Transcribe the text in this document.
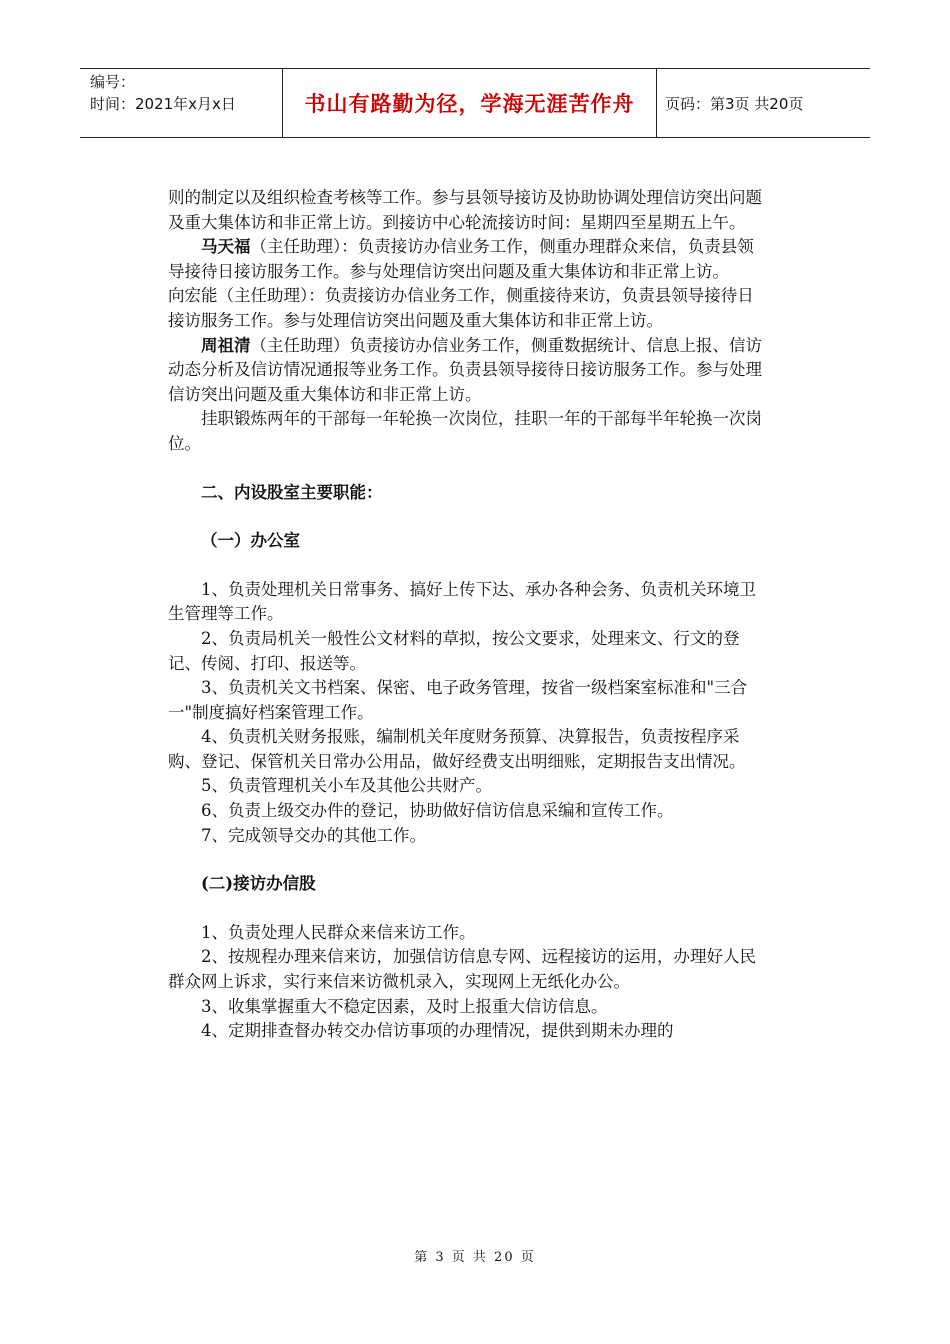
编号：
时间：2021年x月x日	书山有路勤为径，学海无涯苦作舟	页码：第3页 共20页

则的制定以及组织检查考核等工作。参与县领导接访及协助协调处理信访突出问题及重大集体访和非正常上访。到接访中心轮流接访时间：星期四至星期五上午。

马天福（主任助理）：负责接访办信业务工作，侧重办理群众来信，负责县领导接待日接访服务工作。参与处理信访突出问题及重大集体访和非正常上访。

向宏能（主任助理）：负责接访办信业务工作，侧重接待来访，负责县领导接待日接访服务工作。参与处理信访突出问题及重大集体访和非正常上访。

周祖清（主任助理）负责接访办信业务工作，侧重数据统计、信息上报、信访动态分析及信访情况通报等业务工作。负责县领导接待日接访服务工作。参与处理信访突出问题及重大集体访和非正常上访。

挂职锻炼两年的干部每一年轮换一次岗位，挂职一年的干部每半年轮换一次岗位。

二、内设股室主要职能：

（一）办公室

1、负责处理机关日常事务、搞好上传下达、承办各种会务、负责机关环境卫生管理等工作。

2、负责局机关一般性公文材料的草拟，按公文要求，处理来文、行文的登记、传阅、打印、报送等。

3、负责机关文书档案、保密、电子政务管理，按省一级档案室标准和"三合一"制度搞好档案管理工作。

4、负责机关财务报账，编制机关年度财务预算、决算报告，负责按程序采购、登记、保管机关日常办公用品，做好经费支出明细账，定期报告支出情况。

5、负责管理机关小车及其他公共财产。

6、负责上级交办件的登记，协助做好信访信息采编和宣传工作。

7、完成领导交办的其他工作。

(二)接访办信股

1、负责处理人民群众来信来访工作。

2、按规程办理来信来访，加强信访信息专网、远程接访的运用，办理好人民群众网上诉求，实行来信来访微机录入，实现网上无纸化办公。

3、收集掌握重大不稳定因素，及时上报重大信访信息。

4、定期排查督办转交办信访事项的办理情况，提供到期未办理的

第 3 页 共 20 页
